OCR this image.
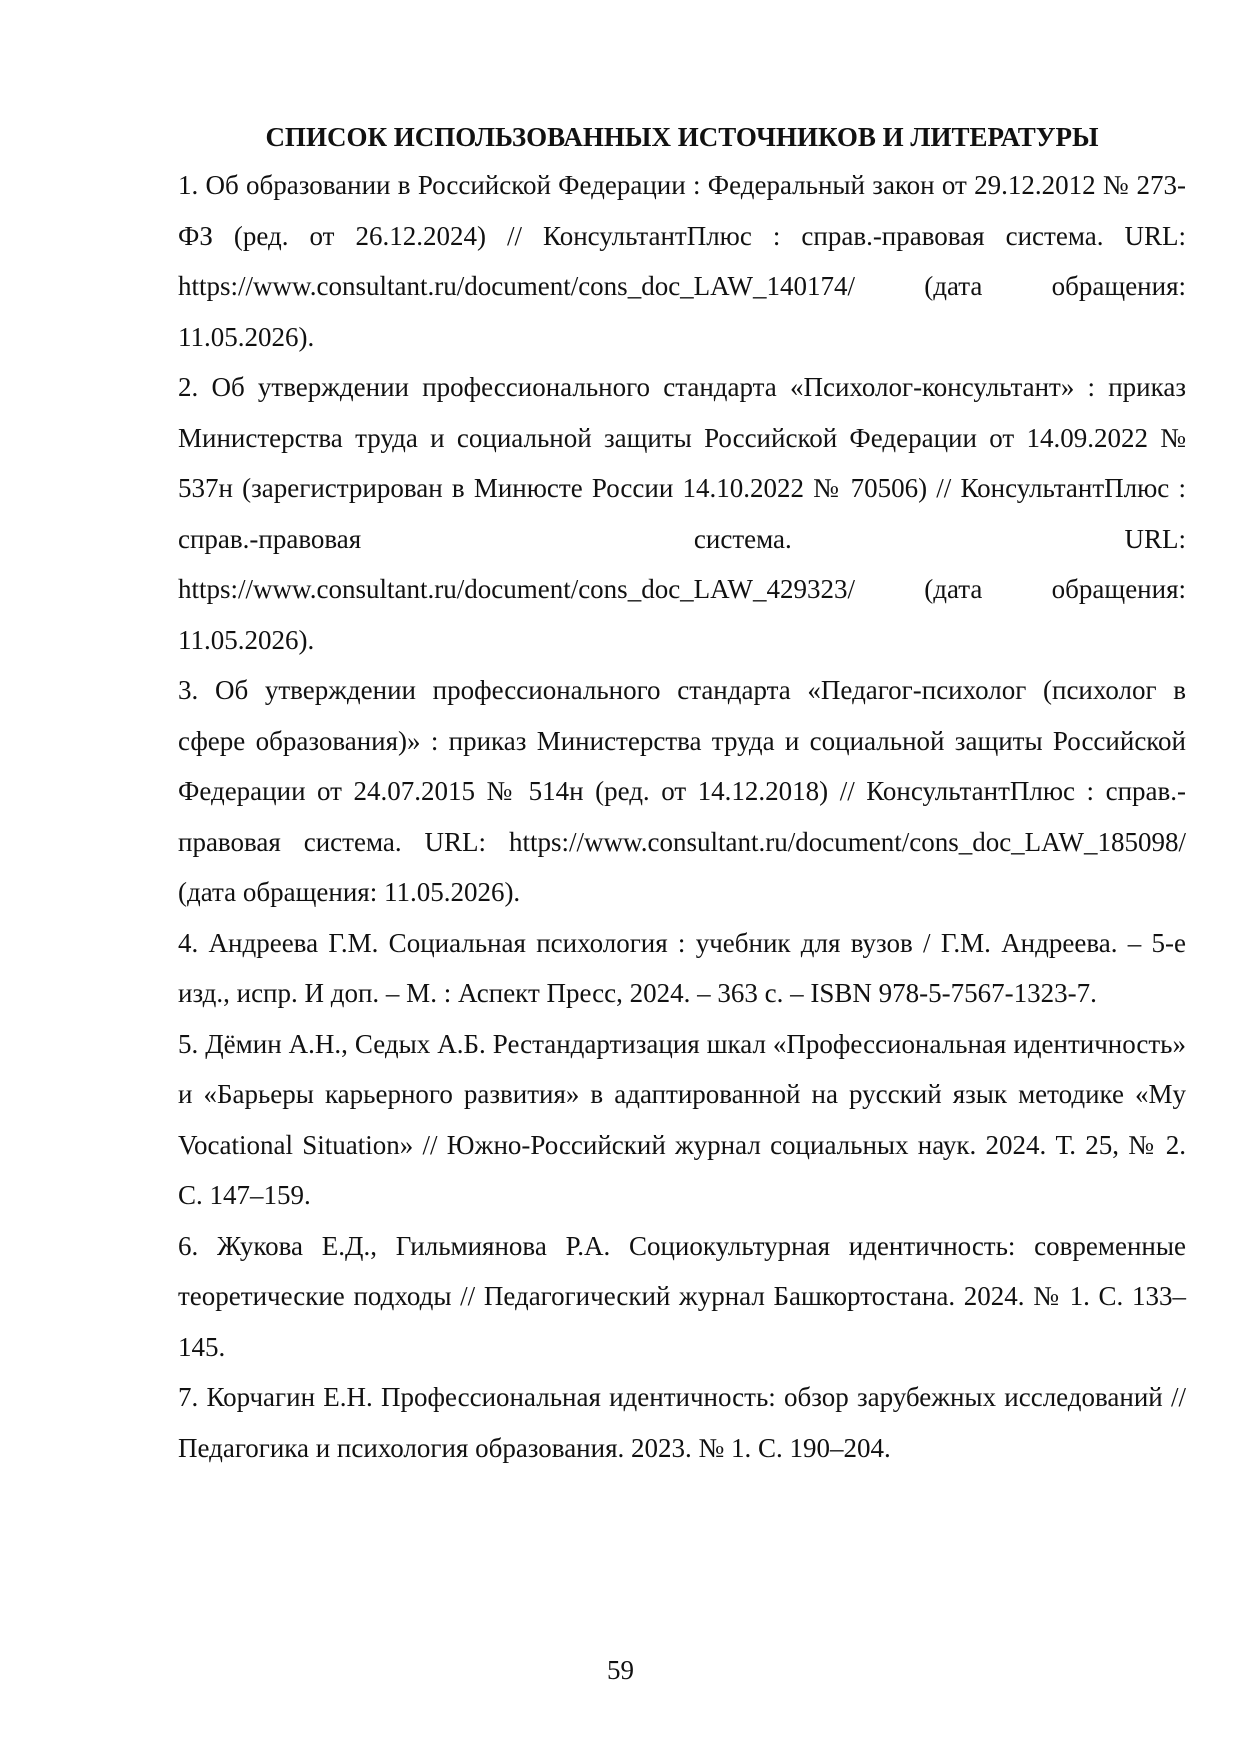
СПИСОК ИСПОЛЬЗОВАННЫХ ИСТОЧНИКОВ И ЛИТЕРАТУРЫ
1. Об образовании в Российской Федерации : Федеральный закон от 29.12.2012 № 273-ФЗ (ред. от 26.12.2024) // КонсультантПлюс : справ.-правовая система. URL: https://www.consultant.ru/document/cons_doc_LAW_140174/ (дата обращения: 11.05.2026).
2. Об утверждении профессионального стандарта «Психолог-консультант» : приказ Министерства труда и социальной защиты Российской Федерации от 14.09.2022 № 537н (зарегистрирован в Минюсте России 14.10.2022 № 70506) // КонсультантПлюс : справ.-правовая система. URL: https://www.consultant.ru/document/cons_doc_LAW_429323/ (дата обращения: 11.05.2026).
3. Об утверждении профессионального стандарта «Педагог-психолог (психолог в сфере образования)» : приказ Министерства труда и социальной защиты Российской Федерации от 24.07.2015 № 514н (ред. от 14.12.2018) // КонсультантПлюс : справ.-правовая система. URL: https://www.consultant.ru/document/cons_doc_LAW_185098/ (дата обращения: 11.05.2026).
4. Андреева Г.М. Социальная психология : учебник для вузов / Г.М. Андреева. – 5-е изд., испр. И доп. – М. : Аспект Пресс, 2024. – 363 с. – ISBN 978-5-7567-1323-7.
5. Дёмин А.Н., Седых А.Б. Рестандартизация шкал «Профессиональная идентичность» и «Барьеры карьерного развития» в адаптированной на русский язык методике «My Vocational Situation» // Южно-Российский журнал социальных наук. 2024. Т. 25, № 2. С. 147–159.
6. Жукова Е.Д., Гильмиянова Р.А. Социокультурная идентичность: современные теоретические подходы // Педагогический журнал Башкортостана. 2024. № 1. С. 133–145.
7. Корчагин Е.Н. Профессиональная идентичность: обзор зарубежных исследований // Педагогика и психология образования. 2023. № 1. С. 190–204.
59
